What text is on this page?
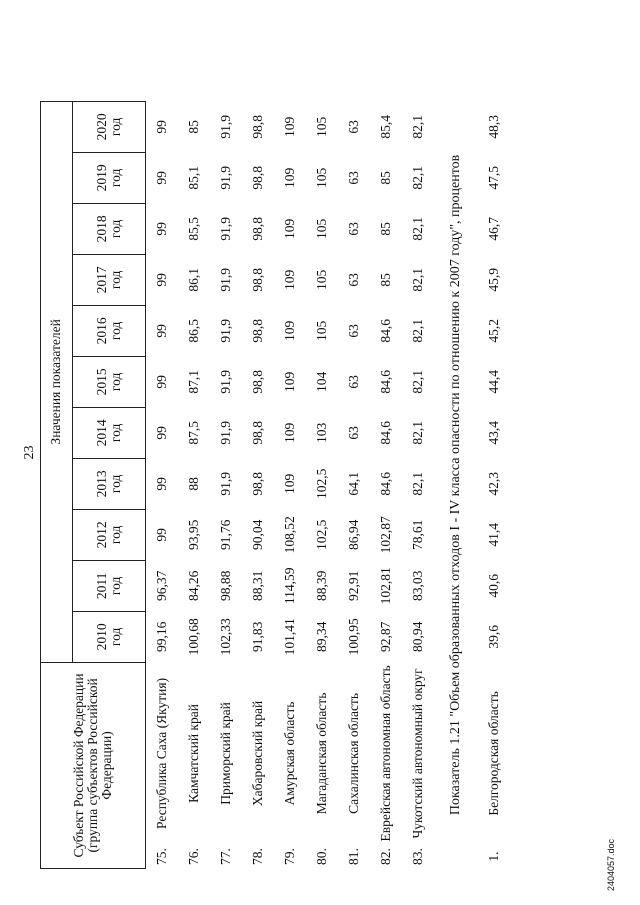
23
Субъект Российской Федерации (группа субъектов Российской Федерации)		Значения показателей										
		2010 год	2011 год	2012 год	2013 год	2014 год	2015 год	2016 год	2017 год	2018 год	2019 год	2020 год
75.	Республика Саха (Якутия)	99,16	96,37	99	99	99	99	99	99	99	99	99
76.	Камчатский край	100,68	84,26	93,95	88	87,5	87,1	86,5	86,1	85,5	85,1	85
77.	Приморский край	102,33	98,88	91,76	91,9	91,9	91,9	91,9	91,9	91,9	91,9	91,9
78.	Хабаровский край	91,83	88,31	90,04	98,8	98,8	98,8	98,8	98,8	98,8	98,8	98,8
79.	Амурская область	101,41	114,59	108,52	109	109	109	109	109	109	109	109
80.	Магаданская область	89,34	88,39	102,5	102,5	103	104	105	105	105	105	105
81.	Сахалинская область	100,95	92,91	86,94	64,1	63	63	63	63	63	63	63
82.	Еврейская автономная область	92,87	102,81	102,87	84,6	84,6	84,6	84,6	85	85	85	85,4
83.	Чукотский автономный округ	80,94	83,03	78,61	82,1	82,1	82,1	82,1	82,1	82,1	82,1	82,1
Показатель 1.21 "Объем образованных отходов I - IV класса опасности по отношению к 2007 году", процентов												
1.	Белгородская область	39,6	40,6	41,4	42,3	43,4	44,4	45,2	45,9	46,7	47,5	48,3
2404057.doc
